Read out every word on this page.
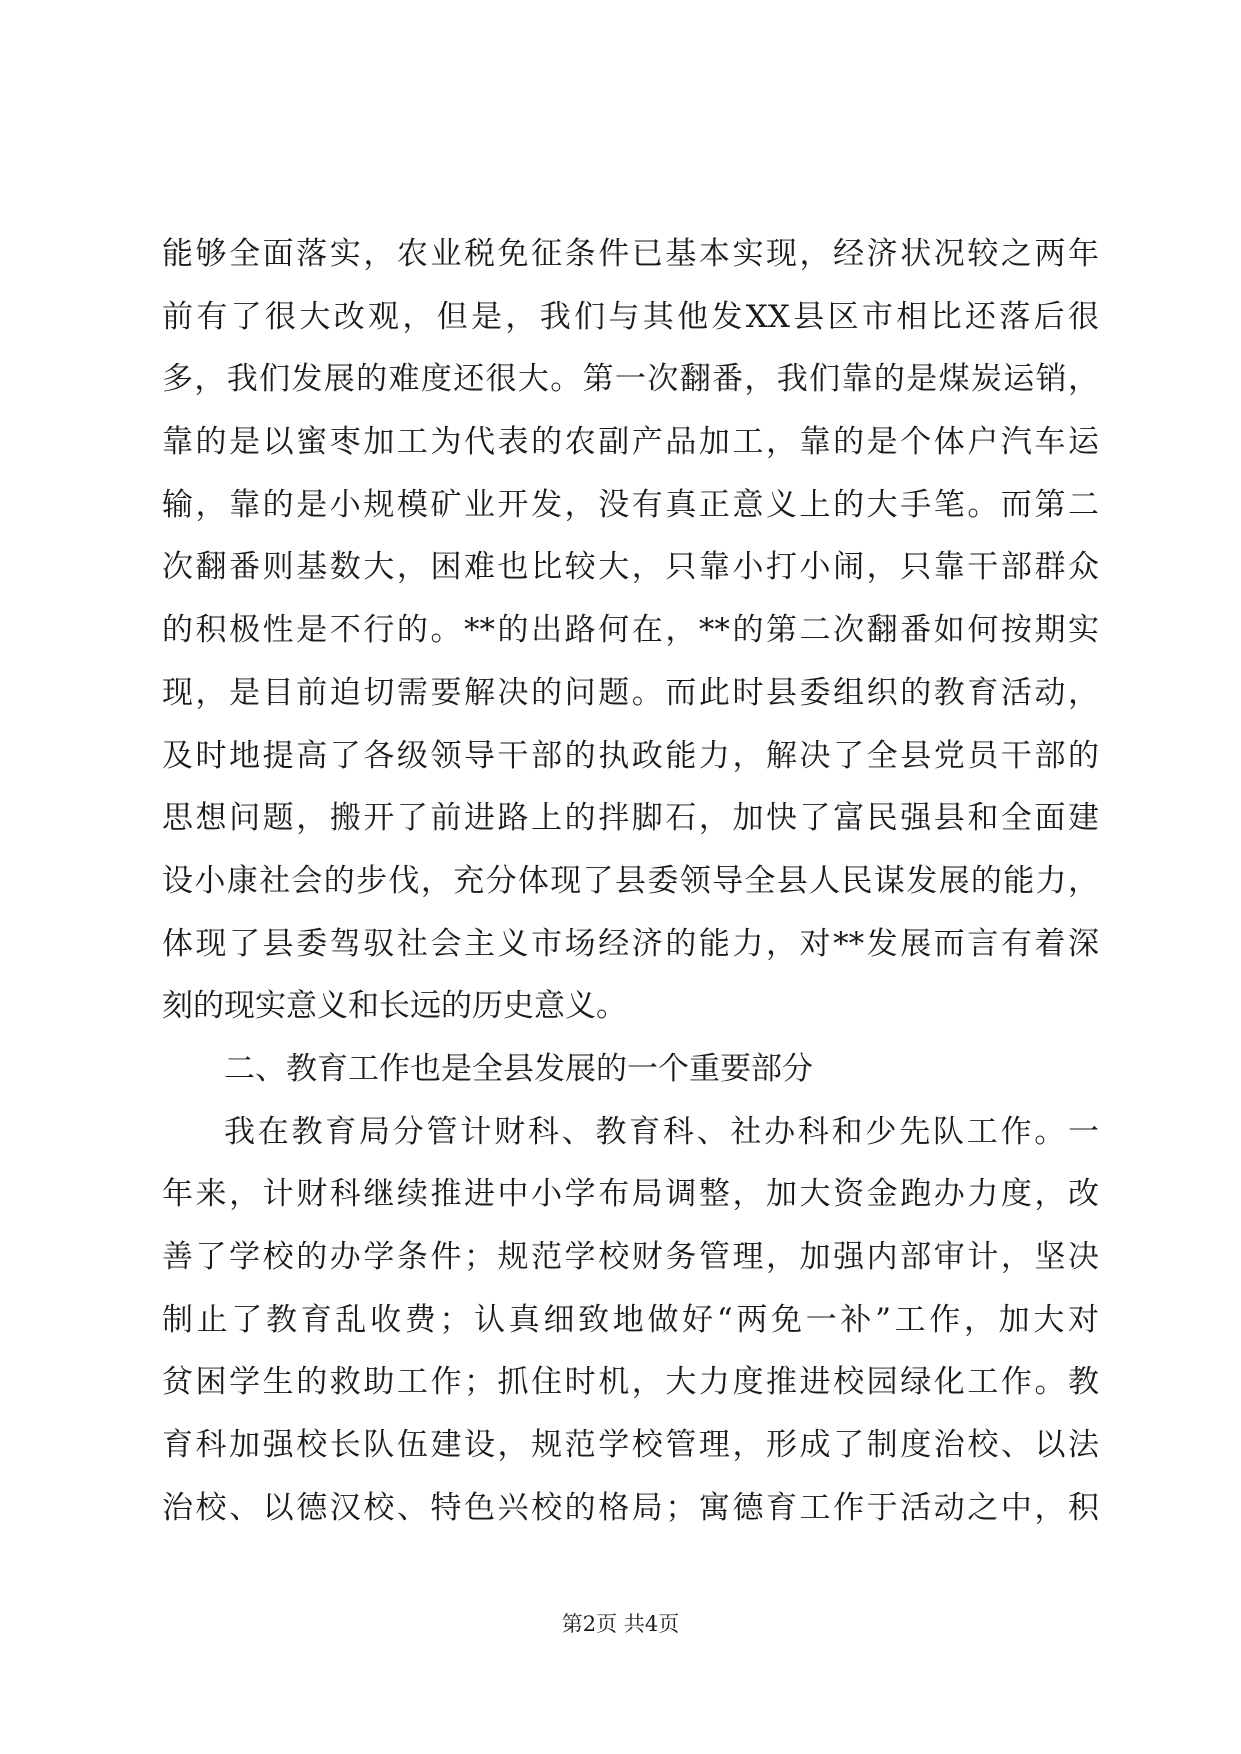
能够全面落实，农业税免征条件已基本实现，经济状况较之两年
前有了很大改观，但是，我们与其他发XX县区市相比还落后很
多，我们发展的难度还很大。第一次翻番，我们靠的是煤炭运销，
靠的是以蜜枣加工为代表的农副产品加工，靠的是个体户汽车运
输，靠的是小规模矿业开发，没有真正意义上的大手笔。而第二
次翻番则基数大，困难也比较大，只靠小打小闹，只靠干部群众
的积极性是不行的。**的出路何在，**的第二次翻番如何按期实
现，是目前迫切需要解决的问题。而此时县委组织的教育活动，
及时地提高了各级领导干部的执政能力，解决了全县党员干部的
思想问题，搬开了前进路上的拌脚石，加快了富民强县和全面建
设小康社会的步伐，充分体现了县委领导全县人民谋发展的能力，
体现了县委驾驭社会主义市场经济的能力，对**发展而言有着深
刻的现实意义和长远的历史意义。
二、教育工作也是全县发展的一个重要部分
我在教育局分管计财科、教育科、社办科和少先队工作。一
年来，计财科继续推进中小学布局调整，加大资金跑办力度，改
善了学校的办学条件；规范学校财务管理，加强内部审计，坚决
制止了教育乱收费；认真细致地做好“两免一补”工作，加大对
贫困学生的救助工作；抓住时机，大力度推进校园绿化工作。教
育科加强校长队伍建设，规范学校管理，形成了制度治校、以法
治校、以德汉校、特色兴校的格局；寓德育工作于活动之中，积
第2页 共4页
